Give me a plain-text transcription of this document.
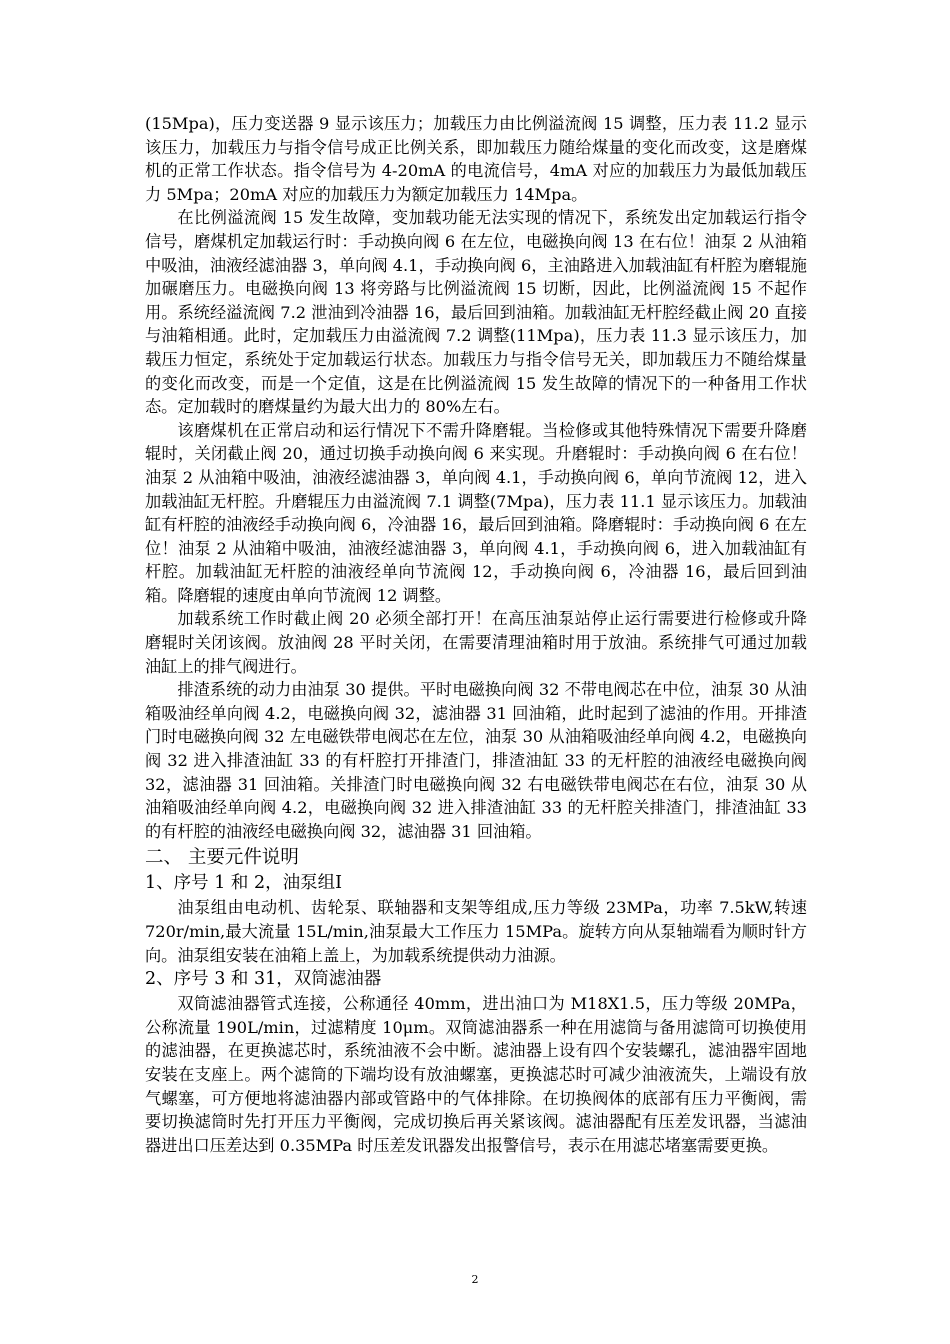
(15Mpa)，压力变送器 9 显示该压力；加载压力由比例溢流阀 15 调整，压力表 11.2 显示该压力，加载压力与指令信号成正比例关系，即加载压力随给煤量的变化而改变，这是磨煤机的正常工作状态。指令信号为 4-20mA 的电流信号，4mA 对应的加载压力为最低加载压力 5Mpa；20mA 对应的加载压力为额定加载压力 14Mpa。

在比例溢流阀 15 发生故障，变加载功能无法实现的情况下，系统发出定加载运行指令信号，磨煤机定加载运行时：手动换向阀 6 在左位，电磁换向阀 13 在右位！油泵 2 从油箱中吸油，油液经滤油器 3，单向阀 4.1，手动换向阀 6，主油路进入加载油缸有杆腔为磨辊施加碾磨压力。电磁换向阀 13 将旁路与比例溢流阀 15 切断，因此，比例溢流阀 15 不起作用。系统经溢流阀 7.2 泄油到冷油器 16，最后回到油箱。加载油缸无杆腔经截止阀 20 直接与油箱相通。此时，定加载压力由溢流阀 7.2 调整(11Mpa)，压力表 11.3 显示该压力，加载压力恒定，系统处于定加载运行状态。加载压力与指令信号无关，即加载压力不随给煤量的变化而改变，而是一个定值，这是在比例溢流阀 15 发生故障的情况下的一种备用工作状态。定加载时的磨煤量约为最大出力的 80%左右。

该磨煤机在正常启动和运行情况下不需升降磨辊。当检修或其他特殊情况下需要升降磨辊时，关闭截止阀 20，通过切换手动换向阀 6 来实现。升磨辊时：手动换向阀 6 在右位！油泵 2 从油箱中吸油，油液经滤油器 3，单向阀 4.1，手动换向阀 6，单向节流阀 12，进入加载油缸无杆腔。升磨辊压力由溢流阀 7.1 调整(7Mpa)，压力表 11.1 显示该压力。加载油缸有杆腔的油液经手动换向阀 6，冷油器 16，最后回到油箱。降磨辊时：手动换向阀 6 在左位！油泵 2 从油箱中吸油，油液经滤油器 3，单向阀 4.1，手动换向阀 6，进入加载油缸有杆腔。加载油缸无杆腔的油液经单向节流阀 12，手动换向阀 6，冷油器 16，最后回到油箱。降磨辊的速度由单向节流阀 12 调整。

加载系统工作时截止阀 20 必须全部打开！在高压油泵站停止运行需要进行检修或升降磨辊时关闭该阀。放油阀 28 平时关闭，在需要清理油箱时用于放油。系统排气可通过加载油缸上的排气阀进行。

排渣系统的动力由油泵 30 提供。平时电磁换向阀 32 不带电阀芯在中位，油泵 30 从油箱吸油经单向阀 4.2，电磁换向阀 32，滤油器 31 回油箱，此时起到了滤油的作用。开排渣门时电磁换向阀 32 左电磁铁带电阀芯在左位，油泵 30 从油箱吸油经单向阀 4.2，电磁换向阀 32 进入排渣油缸 33 的有杆腔打开排渣门，排渣油缸 33 的无杆腔的油液经电磁换向阀 32，滤油器 31 回油箱。关排渣门时电磁换向阀 32 右电磁铁带电阀芯在右位，油泵 30 从油箱吸油经单向阀 4.2，电磁换向阀 32 进入排渣油缸 33 的无杆腔关排渣门，排渣油缸 33 的有杆腔的油液经电磁换向阀 32，滤油器 31 回油箱。

二、 主要元件说明
1、序号 1 和 2，油泵组Ⅰ

油泵组由电动机、齿轮泵、联轴器和支架等组成,压力等级 23MPa，功率 7.5kW,转速 720r/min,最大流量 15L/min,油泵最大工作压力 15MPa。旋转方向从泵轴端看为顺时针方向。油泵组安装在油箱上盖上，为加载系统提供动力油源。

2、序号 3 和 31，双筒滤油器

双筒滤油器管式连接，公称通径 40mm，进出油口为 M18X1.5，压力等级 20MPa，公称流量 190L/min，过滤精度 10μm。双筒滤油器系一种在用滤筒与备用滤筒可切换使用的滤油器，在更换滤芯时，系统油液不会中断。滤油器上设有四个安装螺孔，滤油器牢固地安装在支座上。两个滤筒的下端均设有放油螺塞，更换滤芯时可减少油液流失，上端设有放气螺塞，可方便地将滤油器内部或管路中的气体排除。在切换阀体的底部有压力平衡阀，需要切换滤筒时先打开压力平衡阀，完成切换后再关紧该阀。滤油器配有压差发讯器，当滤油器进出口压差达到 0.35MPa 时压差发讯器发出报警信号，表示在用滤芯堵塞需要更换。

2
